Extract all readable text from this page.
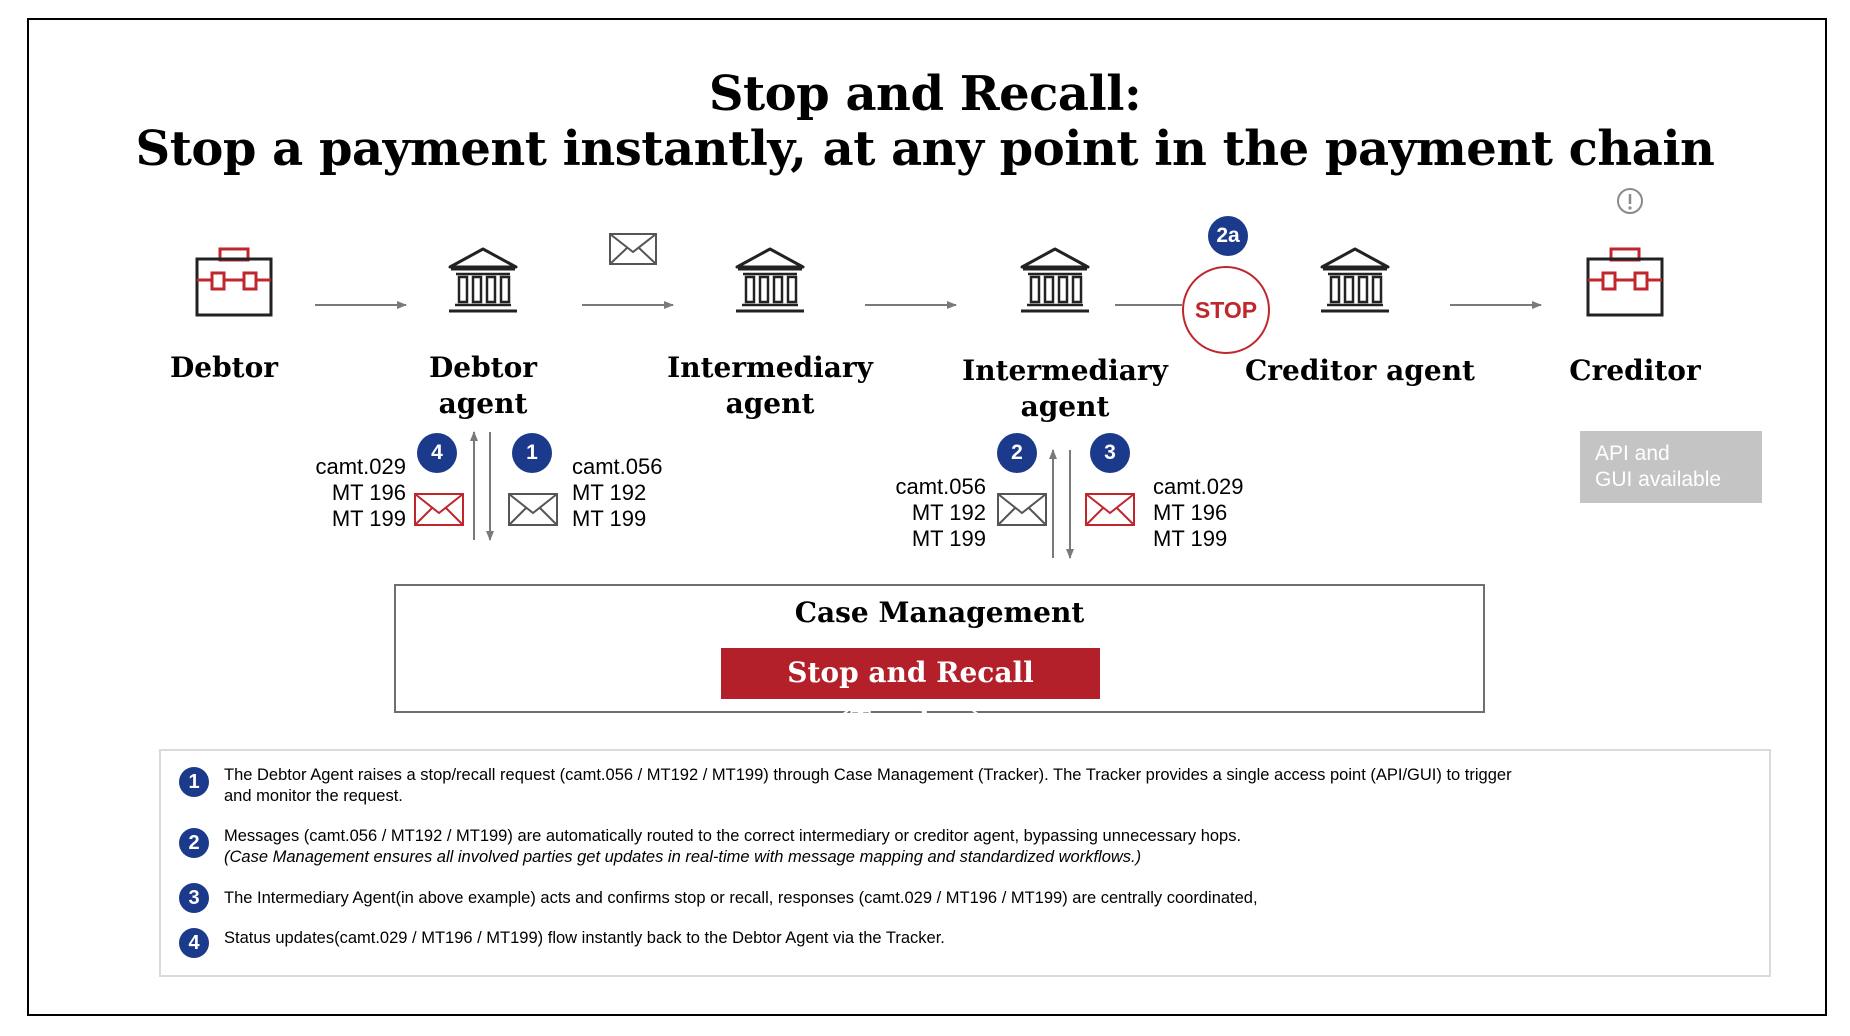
Stop and Recall:
Stop a payment instantly, at any point in the payment chain
Debtor	Debtor
agent
Intermediary
agent
Intermediary
agent
Creditor agent	Creditor
2a
STOP
API and
GUI available
4	1	2	3
camt.029
MT 196
MT 199
camt.056
MT 192
MT 199
camt.056
MT 192
MT 199
camt.029
MT 196
MT 199
Case Management
Stop and Recall (Tracker)
1	The Debtor Agent raises a stop/recall request (camt.056 / MT192 / MT199) through Case Management (Tracker). The Tracker provides a single access point (API/GUI) to trigger
and monitor the request.
2	Messages (camt.056 / MT192 / MT199) are automatically routed to the correct intermediary or creditor agent, bypassing unnecessary hops.
(Case Management ensures all involved parties get updates in real-time with message mapping and standardized workflows.)
3	The Intermediary Agent(in above example) acts and confirms stop or recall, responses (camt.029 / MT196 / MT199) are centrally coordinated,
4	Status updates(camt.029 / MT196 / MT199) flow instantly back to the Debtor Agent via the Tracker.
